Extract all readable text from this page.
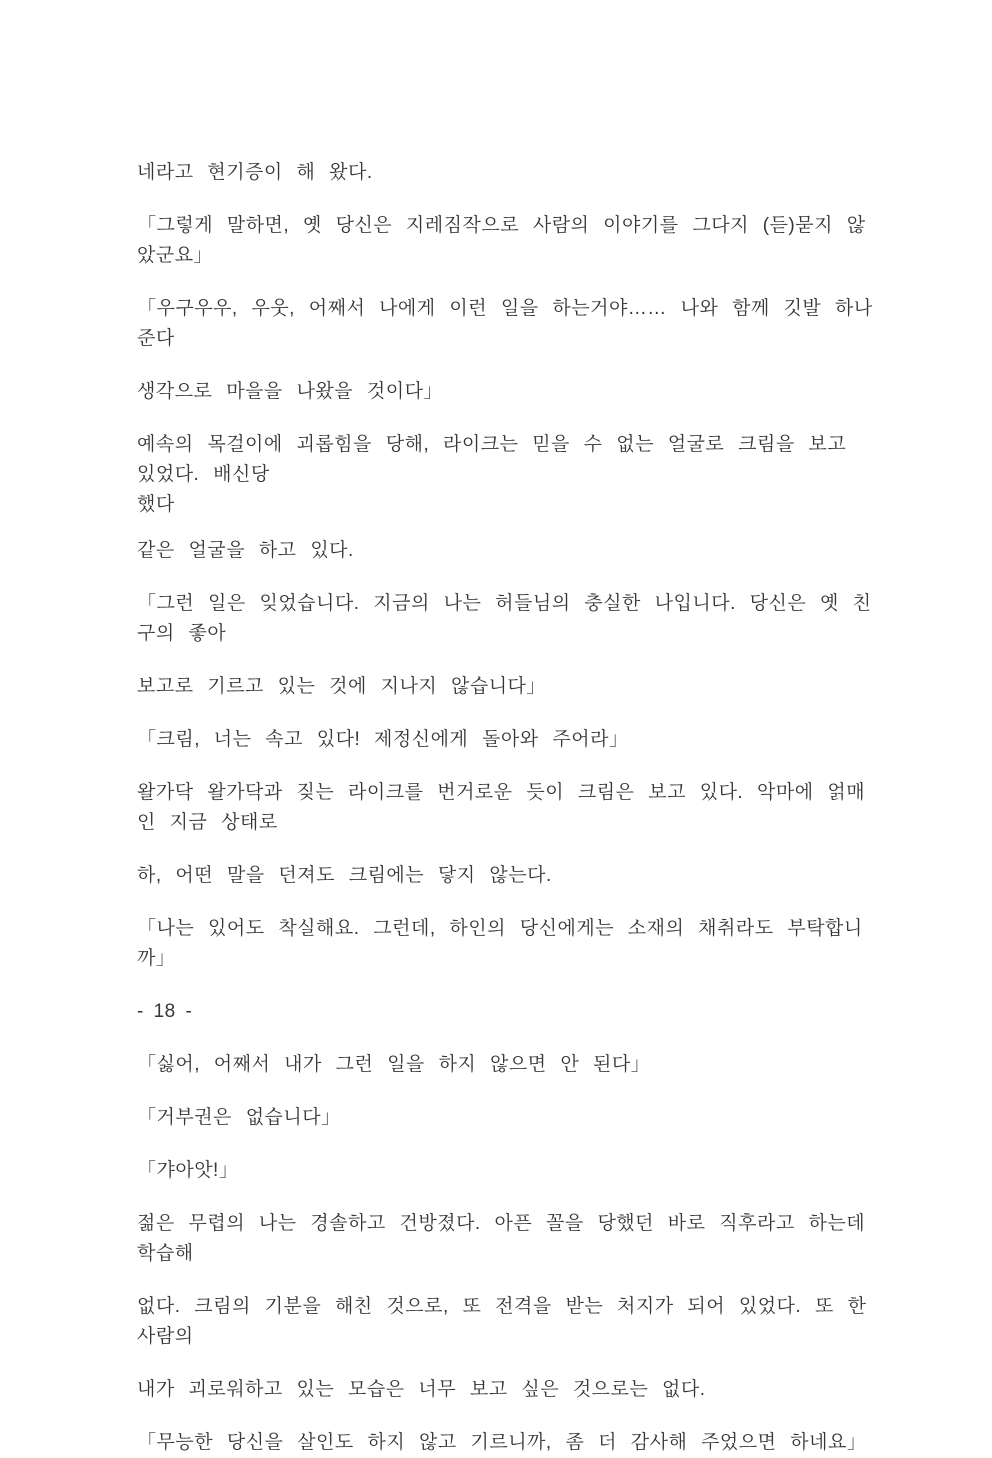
네라고 현기증이 해 왔다.

「그렇게 말하면, 옛 당신은 지레짐작으로 사람의 이야기를 그다지 (듣)묻지 않았군요」

「우구우우, 우웃, 어째서 나에게 이런 일을 하는거야…… 나와 함께 깃발 하나 준다

생각으로 마을을 나왔을 것이다」

예속의 목걸이에 괴롭힘을 당해, 라이크는 믿을 수 없는 얼굴로 크림을 보고 있었다. 배신당

했다

같은 얼굴을 하고 있다.

「그런 일은 잊었습니다. 지금의 나는 허들님의 충실한 나입니다. 당신은 옛 친구의 좋아

보고로 기르고 있는 것에 지나지 않습니다」

「크림, 너는 속고 있다! 제정신에게 돌아와 주어라」

왈가닥 왈가닥과 짖는 라이크를 번거로운 듯이 크림은 보고 있다. 악마에 얽매인 지금 상태로

하, 어떤 말을 던져도 크림에는 닿지 않는다.

「나는 있어도 착실해요. 그런데, 하인의 당신에게는 소재의 채취라도 부탁합니까」

- 18 -

「싫어, 어째서 내가 그런 일을 하지 않으면 안 된다」

「거부권은 없습니다」

「갸아앗!」

젊은 무렵의 나는 경솔하고 건방졌다. 아픈 꼴을 당했던 바로 직후라고 하는데 학습해

없다. 크림의 기분을 해친 것으로, 또 전격을 받는 처지가 되어 있었다. 또 한사람의

내가 괴로워하고 있는 모습은 너무 보고 싶은 것으로는 없다.

「무능한 당신을 살인도 하지 않고 기르니까, 좀 더 감사해 주었으면 하네요」
